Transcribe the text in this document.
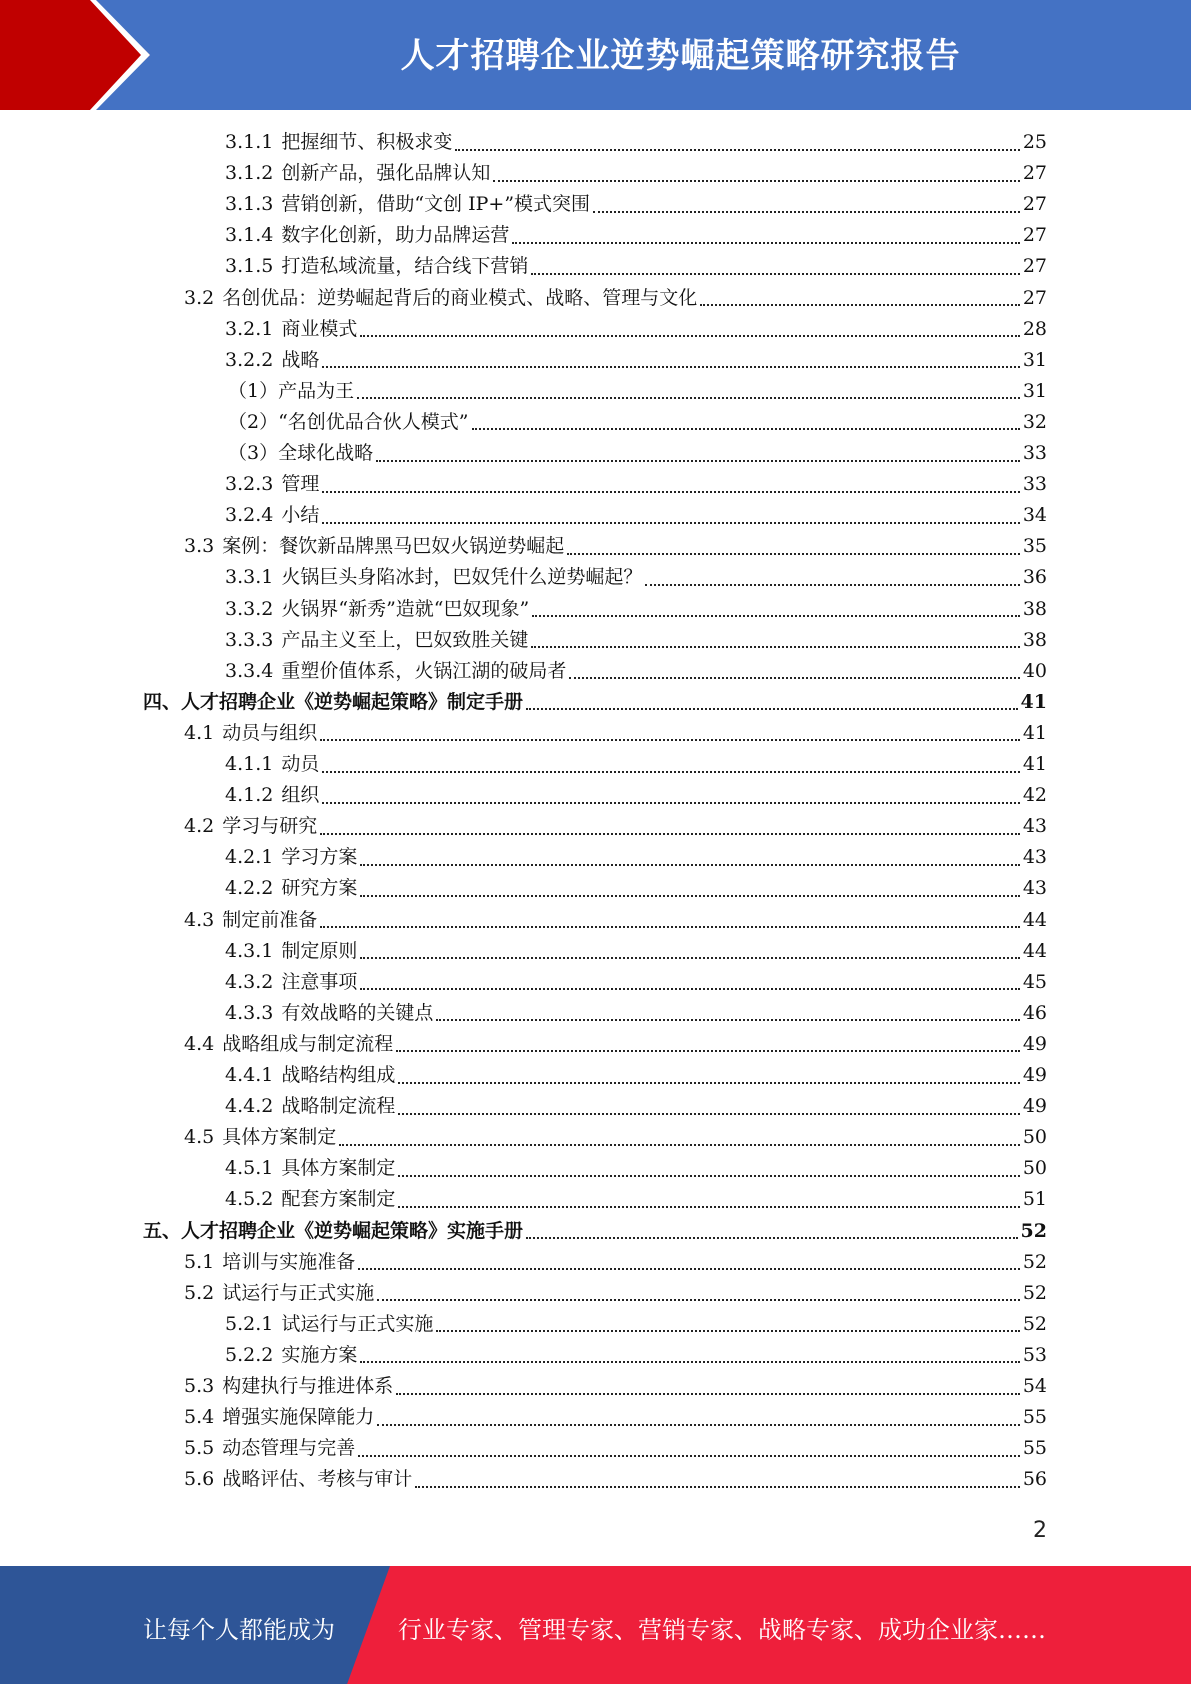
人才招聘企业逆势崛起策略研究报告
3.1.1 把握细节、积极求变	25
3.1.2 创新产品，强化品牌认知	27
3.1.3 营销创新，借助“文创 IP+”模式突围	27
3.1.4 数字化创新，助力品牌运营	27
3.1.5 打造私域流量，结合线下营销	27
3.2 名创优品：逆势崛起背后的商业模式、战略、管理与文化	27
3.2.1 商业模式	28
3.2.2 战略	31
（1）产品为王	31
（2）“名创优品合伙人模式”	32
（3）全球化战略	33
3.2.3 管理	33
3.2.4 小结	34
3.3 案例：餐饮新品牌黑马巴奴火锅逆势崛起	35
3.3.1 火锅巨头身陷冰封，巴奴凭什么逆势崛起？	36
3.3.2 火锅界“新秀”造就“巴奴现象”	38
3.3.3 产品主义至上，巴奴致胜关键	38
3.3.4 重塑价值体系，火锅江湖的破局者	40
四、人才招聘企业《逆势崛起策略》制定手册	41
4.1 动员与组织	41
4.1.1 动员	41
4.1.2 组织	42
4.2 学习与研究	43
4.2.1 学习方案	43
4.2.2 研究方案	43
4.3 制定前准备	44
4.3.1 制定原则	44
4.3.2 注意事项	45
4.3.3 有效战略的关键点	46
4.4 战略组成与制定流程	49
4.4.1 战略结构组成	49
4.4.2 战略制定流程	49
4.5 具体方案制定	50
4.5.1 具体方案制定	50
4.5.2 配套方案制定	51
五、人才招聘企业《逆势崛起策略》实施手册	52
5.1 培训与实施准备	52
5.2 试运行与正式实施	52
5.2.1 试运行与正式实施	52
5.2.2 实施方案	53
5.3 构建执行与推进体系	54
5.4 增强实施保障能力	55
5.5 动态管理与完善	55
5.6 战略评估、考核与审计	56
2
让每个人都能成为	行业专家、管理专家、营销专家、战略专家、成功企业家……
